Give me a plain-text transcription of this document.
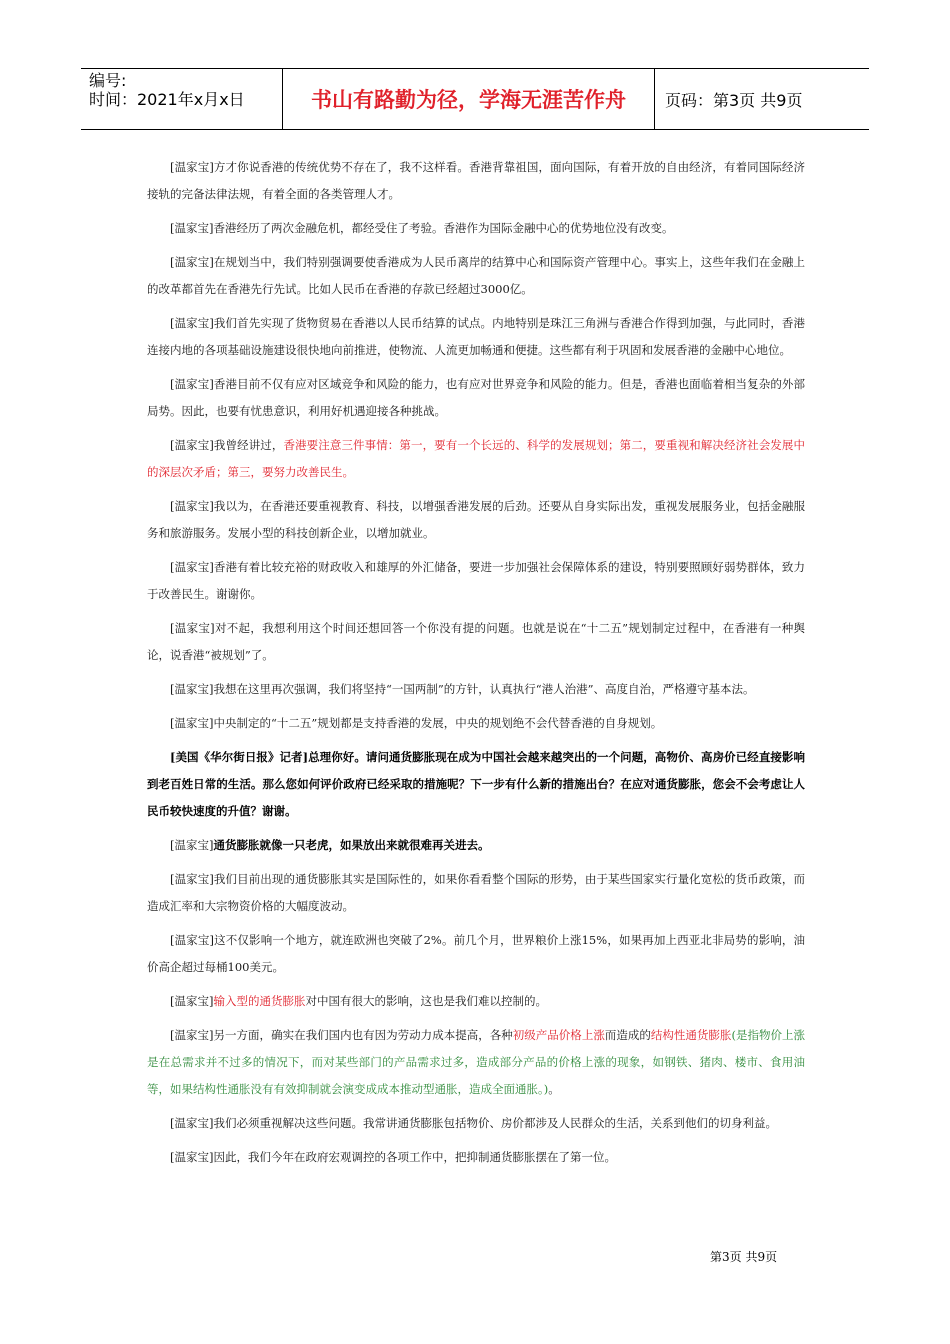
编号:
时间：2021年x月x日	书山有路勤为径，学海无涯苦作舟	页码：第3页 共9页

[温家宝]方才你说香港的传统优势不存在了，我不这样看。香港背靠祖国，面向国际，有着开放的自由经济，有着同国际经济接轨的完备法律法规，有着全面的各类管理人才。

[温家宝]香港经历了两次金融危机，都经受住了考验。香港作为国际金融中心的优势地位没有改变。

[温家宝]在规划当中，我们特别强调要使香港成为人民币离岸的结算中心和国际资产管理中心。事实上，这些年我们在金融上的改革都首先在香港先行先试。比如人民币在香港的存款已经超过3000亿。

[温家宝]我们首先实现了货物贸易在香港以人民币结算的试点。内地特别是珠江三角洲与香港合作得到加强，与此同时，香港连接内地的各项基础设施建设很快地向前推进，使物流、人流更加畅通和便捷。这些都有利于巩固和发展香港的金融中心地位。

[温家宝]香港目前不仅有应对区域竞争和风险的能力，也有应对世界竞争和风险的能力。但是，香港也面临着相当复杂的外部局势。因此，也要有忧患意识，利用好机遇迎接各种挑战。

[温家宝]我曾经讲过，香港要注意三件事情：第一，要有一个长远的、科学的发展规划；第二，要重视和解决经济社会发展中的深层次矛盾；第三，要努力改善民生。

[温家宝]我以为，在香港还要重视教育、科技，以增强香港发展的后劲。还要从自身实际出发，重视发展服务业，包括金融服务和旅游服务。发展小型的科技创新企业，以增加就业。

[温家宝]香港有着比较充裕的财政收入和雄厚的外汇储备，要进一步加强社会保障体系的建设，特别要照顾好弱势群体，致力于改善民生。谢谢你。

[温家宝]对不起，我想利用这个时间还想回答一个你没有提的问题。也就是说在“十二五”规划制定过程中，在香港有一种舆论，说香港“被规划”了。

[温家宝]我想在这里再次强调，我们将坚持“一国两制”的方针，认真执行“港人治港”、高度自治，严格遵守基本法。

[温家宝]中央制定的“十二五”规划都是支持香港的发展，中央的规划绝不会代替香港的自身规划。

[美国《华尔街日报》记者]总理你好。请问通货膨胀现在成为中国社会越来越突出的一个问题，高物价、高房价已经直接影响到老百姓日常的生活。那么您如何评价政府已经采取的措施呢？下一步有什么新的措施出台？在应对通货膨胀，您会不会考虑让人民币较快速度的升值？谢谢。

[温家宝]通货膨胀就像一只老虎，如果放出来就很难再关进去。

[温家宝]我们目前出现的通货膨胀其实是国际性的，如果你看看整个国际的形势，由于某些国家实行量化宽松的货币政策，而造成汇率和大宗物资价格的大幅度波动。

[温家宝]这不仅影响一个地方，就连欧洲也突破了2%。前几个月，世界粮价上涨15%，如果再加上西亚北非局势的影响，油价高企超过每桶100美元。

[温家宝]输入型的通货膨胀对中国有很大的影响，这也是我们难以控制的。

[温家宝]另一方面，确实在我们国内也有因为劳动力成本提高，各种初级产品价格上涨而造成的结构性通货膨胀(是指物价上涨是在总需求并不过多的情况下，而对某些部门的产品需求过多，造成部分产品的价格上涨的现象，如钢铁、猪肉、楼市、食用油等，如果结构性通胀没有有效抑制就会演变成成本推动型通胀，造成全面通胀。)。

[温家宝]我们必须重视解决这些问题。我常讲通货膨胀包括物价、房价都涉及人民群众的生活，关系到他们的切身利益。

[温家宝]因此，我们今年在政府宏观调控的各项工作中，把抑制通货膨胀摆在了第一位。

第3页 共9页
